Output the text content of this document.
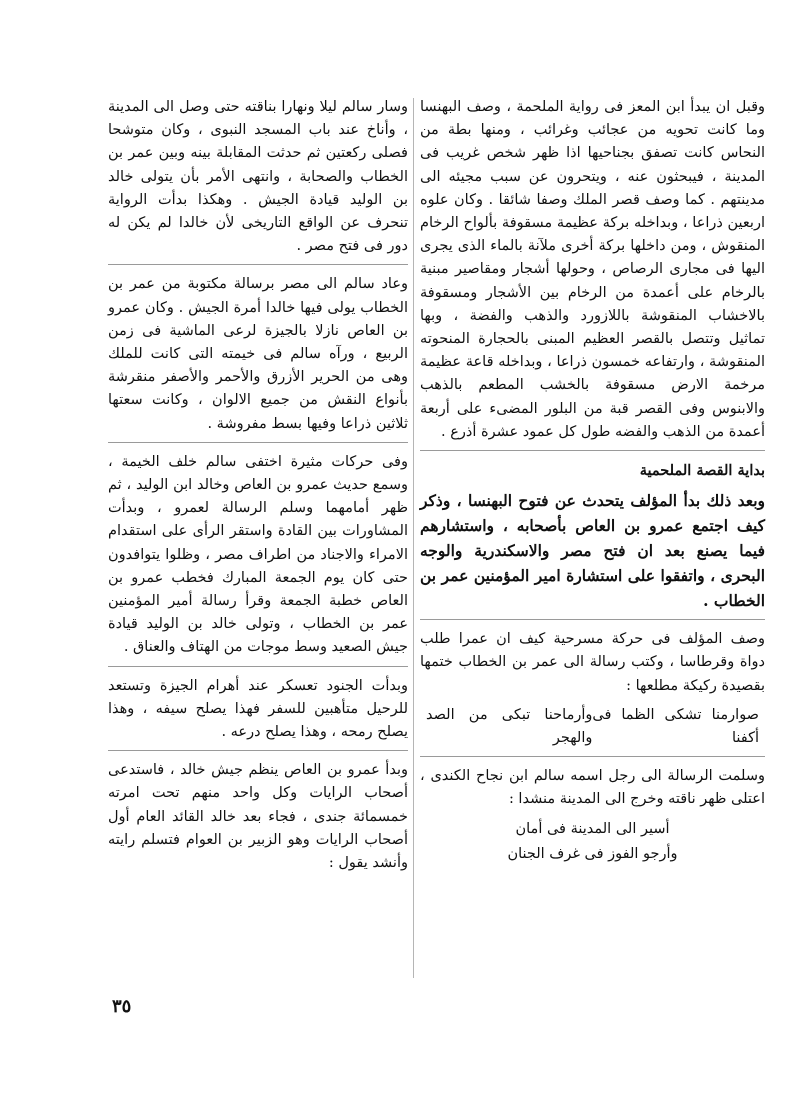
وقبل ان يبدأ ابن المعز فى رواية الملحمة ، وصف البهنسا وما كانت تحويه من عجائب وغرائب ، ومنها بطة من النحاس كانت تصفق بجناحيها اذا ظهر شخص غريب فى المدينة ، فيبحثون عنه ، ويتحرون عن سبب مجيئه الى مدينتهم . كما وصف قصر الملك وصفا شائقا . وكان علوه اربعين ذراعا ، وبداخله بركة عظيمة مسقوفة بألواح الرخام المنقوش ، ومن داخلها بركة أخرى ملآنة بالماء الذى يجرى اليها فى مجارى الرصاص ، وحولها أشجار ومقاصير مبنية بالرخام على أعمدة من الرخام بين الأشجار ومسقوفة بالاخشاب المنقوشة باللازورد والذهب والفضة ، وبها تماثيل وتتصل بالقصر العظيم المبنى بالحجارة المنحوته المنقوشة ، وارتفاعه خمسون ذراعا ، وبداخله قاعة عظيمة مرخمة الارض مسقوفة بالخشب المطعم بالذهب والابنوس وفى القصر قبة من البلور المضىء على أربعة أعمدة من الذهب والفضه طول كل عمود عشرة أذرع .

بداية القصة الملحمية

وبعد ذلك بدأ المؤلف يتحدث عن فتوح البهنسا ، وذكر كيف اجتمع عمرو بن العاص بأصحابه ، واستشارهم فيما يصنع بعد ان فتح مصر والاسكندرية والوجه البحرى ، واتفقوا على استشارة امير المؤمنين عمر بن الخطاب .

وصف المؤلف فى حركة مسرحية كيف ان عمرا طلب دواة وقرطاسا ، وكتب رسالة الى عمر بن الخطاب ختمها بقصيدة ركيكة مطلعها :

صوارمنا تشكى الظما فى أكفنا
وأرماحنا تبكى من الصد والهجر

وسلمت الرسالة الى رجل اسمه سالم ابن نجاح الكندى ، اعتلى ظهر ناقته وخرج الى المدينة منشدا :

أسير الى المدينة فى أمان
وأرجو الفوز فى غرف الجنان

وسار سالم ليلا ونهارا بناقته حتى وصل الى المدينة ، وأناخ عند باب المسجد النبوى ، وكان متوشحا فصلى ركعتين ثم حدثت المقابلة بينه وبين عمر بن الخطاب والصحابة ، وانتهى الأمر بأن يتولى خالد بن الوليد قيادة الجيش . وهكذا بدأت الرواية تنحرف عن الواقع التاريخى لأن خالدا لم يكن له دور فى فتح مصر .

وعاد سالم الى مصر برسالة مكتوبة من عمر بن الخطاب يولى فيها خالدا أمرة الجيش . وكان عمرو بن العاص نازلا بالجيزة لرعى الماشية فى زمن الربيع ، ورآه سالم فى خيمته التى كانت للملك وهى من الحرير الأزرق والأحمر والأصفر منقرشة بأنواع النقش من جميع الالوان ، وكانت سعتها ثلاثين ذراعا وفيها بسط مفروشة .

وفى حركات مثيرة اختفى سالم خلف الخيمة ، وسمع حديث عمرو بن العاص وخالد ابن الوليد ، ثم ظهر أمامهما وسلم الرسالة لعمرو ، وبدأت المشاورات بين القادة واستقر الرأى على استقدام الامراء والاجناد من اطراف مصر ، وظلوا يتوافدون حتى كان يوم الجمعة المبارك فخطب عمرو بن العاص خطبة الجمعة وقرأ رسالة أمير المؤمنين عمر بن الخطاب ، وتولى خالد بن الوليد قيادة جيش الصعيد وسط موجات من الهتاف والعناق .

وبدأت الجنود تعسكر عند أهرام الجيزة وتستعد للرحيل متأهبين للسفر فهذا يصلح سيفه ، وهذا يصلح رمحه ، وهذا يصلح درعه .

وبدأ عمرو بن العاص ينظم جيش خالد ، فاستدعى أصحاب الرايات وكل واحد منهم تحت امرته خمسمائة جندى ، فجاء بعد خالد القائد العام أول أصحاب الرايات وهو الزبير بن العوام فتسلم رايته وأنشد يقول :

٣٥
